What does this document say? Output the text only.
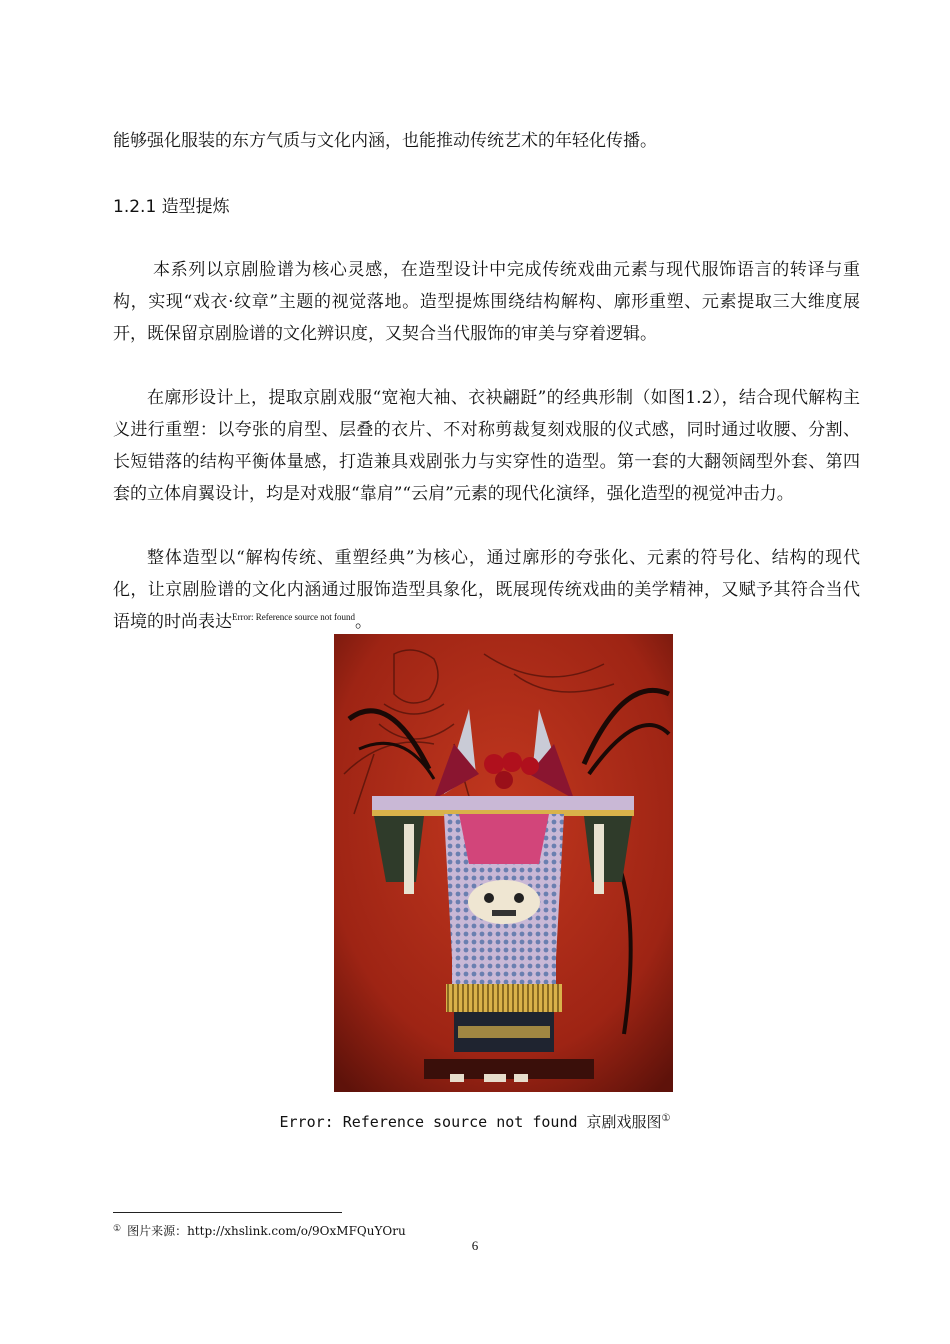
能够强化服装的东方气质与文化内涵，也能推动传统艺术的年轻化传播。

1.2.1 造型提炼

本系列以京剧脸谱为核心灵感，在造型设计中完成传统戏曲元素与现代服饰语言的转译与重构，实现“戏衣·纹章”主题的视觉落地。造型提炼围绕结构解构、廓形重塑、元素提取三大维度展开，既保留京剧脸谱的文化辨识度，又契合当代服饰的审美与穿着逻辑。

在廓形设计上，提取京剧戏服“宽袍大袖、衣袂翩跹”的经典形制（如图1.2），结合现代解构主义进行重塑：以夸张的肩型、层叠的衣片、不对称剪裁复刻戏服的仪式感，同时通过收腰、分割、长短错落的结构平衡体量感，打造兼具戏剧张力与实穿性的造型。第一套的大翻领阔型外套、第四套的立体肩翼设计，均是对戏服“靠肩”“云肩”元素的现代化演绎，强化造型的视觉冲击力。

整体造型以“解构传统、重塑经典”为核心，通过廓形的夸张化、元素的符号化、结构的现代化，让京剧脸谱的文化内涵通过服饰造型具象化，既展现传统戏曲的美学精神，又赋予其符合当代语境的时尚表达$^{Error: Reference source not found}$。

Error: Reference source not found 京剧戏服图①
① 图片来源：http://xhslink.com/o/9OxMFQuYOru
6
